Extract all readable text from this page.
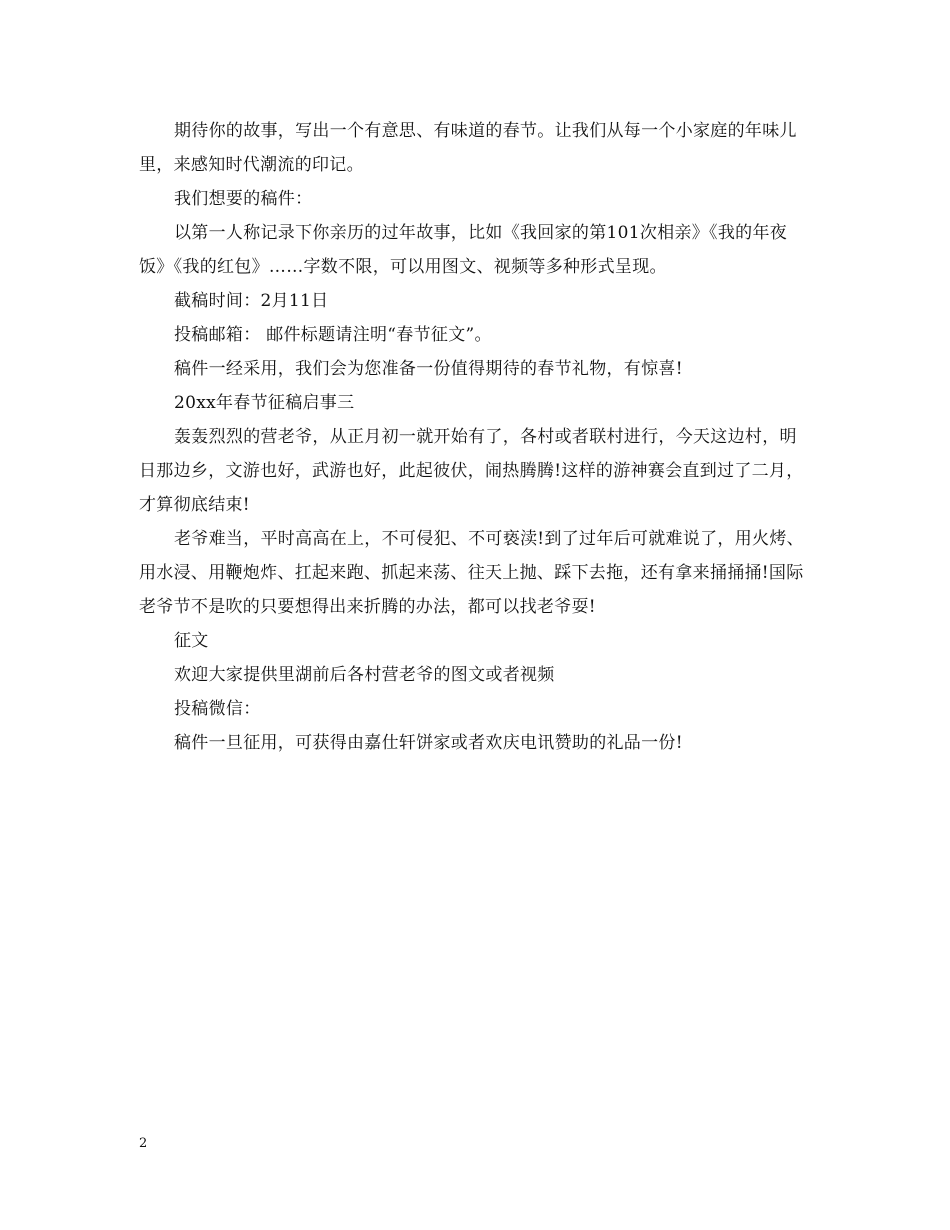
期待你的故事，写出一个有意思、有味道的春节。让我们从每一个小家庭的年味儿里，来感知时代潮流的印记。

我们想要的稿件：

以第一人称记录下你亲历的过年故事，比如《我回家的第101次相亲》《我的年夜饭》《我的红包》……字数不限，可以用图文、视频等多种形式呈现。

截稿时间：2月11日

投稿邮箱： 邮件标题请注明“春节征文”。

稿件一经采用，我们会为您准备一份值得期待的春节礼物，有惊喜!

20xx年春节征稿启事三

轰轰烈烈的营老爷，从正月初一就开始有了，各村或者联村进行，今天这边村，明日那边乡，文游也好，武游也好，此起彼伏，闹热腾腾!这样的游神赛会直到过了二月，才算彻底结束!

老爷难当，平时高高在上，不可侵犯、不可亵渎!到了过年后可就难说了，用火烤、用水浸、用鞭炮炸、扛起来跑、抓起来荡、往天上抛、踩下去拖，还有拿来捅捅捅!国际老爷节不是吹的只要想得出来折腾的办法，都可以找老爷耍!

征文

欢迎大家提供里湖前后各村营老爷的图文或者视频

投稿微信：

稿件一旦征用，可获得由嘉仕轩饼家或者欢庆电讯赞助的礼品一份!

2
